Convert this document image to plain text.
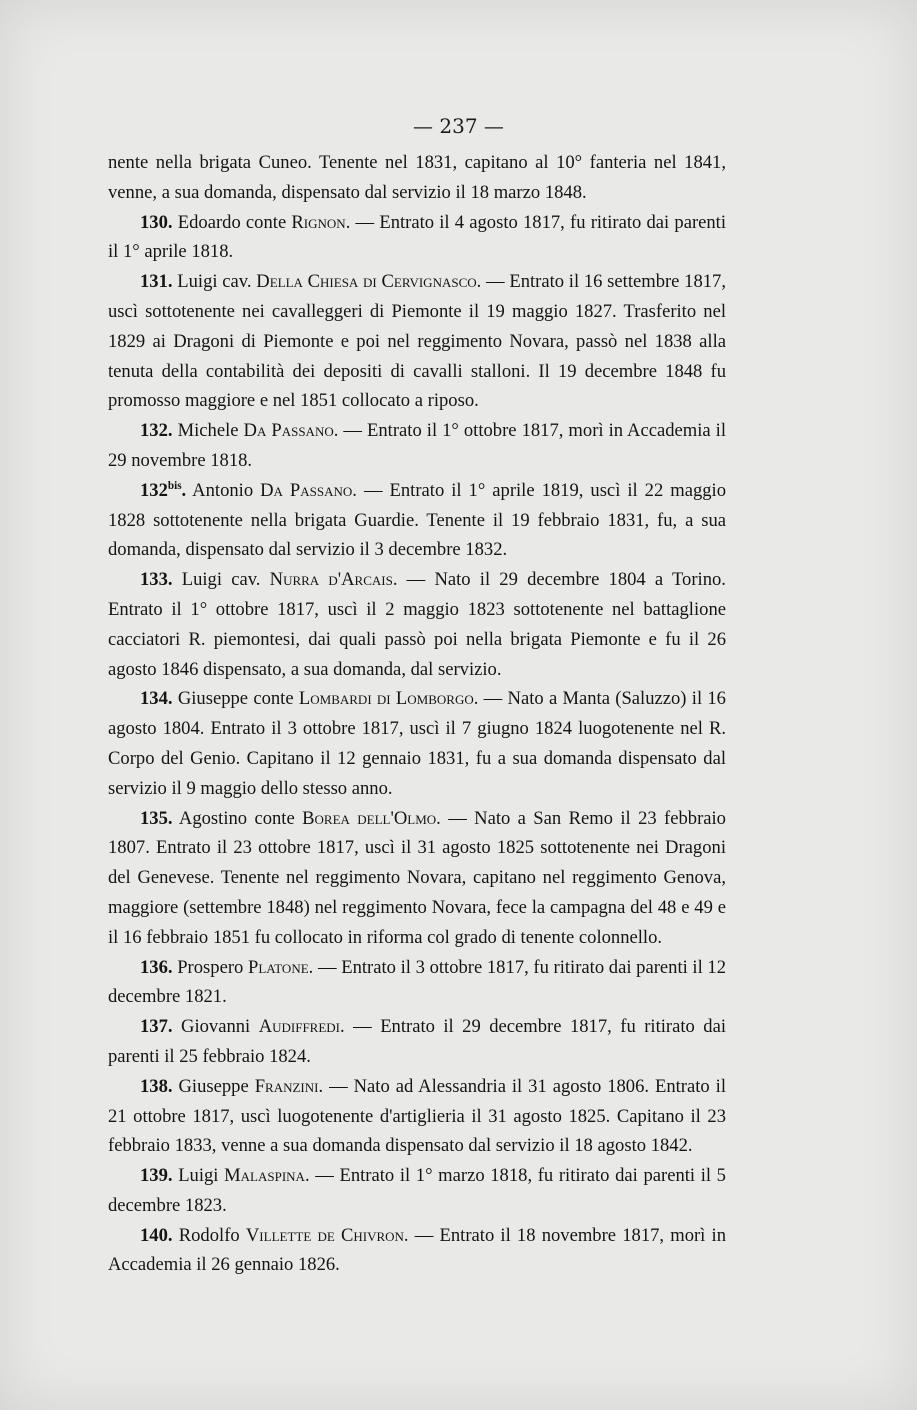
— 237 —

nente nella brigata Cuneo. Tenente nel 1831, capitano al 10° fanteria nel 1841, venne, a sua domanda, dispensato dal servizio il 18 marzo 1848.

130. Edoardo conte Rignon. — Entrato il 4 agosto 1817, fu ritirato dai parenti il 1° aprile 1818.

131. Luigi cav. Della Chiesa di Cervignasco. — Entrato il 16 settembre 1817, uscì sottotenente nei cavalleggeri di Piemonte il 19 maggio 1827. Trasferito nel 1829 ai Dragoni di Piemonte e poi nel reggimento Novara, passò nel 1838 alla tenuta della contabilità dei depositi di cavalli stalloni. Il 19 decembre 1848 fu promosso maggiore e nel 1851 collocato a riposo.

132. Michele Da Passano. — Entrato il 1° ottobre 1817, morì in Accademia il 29 novembre 1818.

$132^{bis}$. Antonio Da Passano. — Entrato il 1° aprile 1819, uscì il 22 maggio 1828 sottotenente nella brigata Guardie. Tenente il 19 febbraio 1831, fu, a sua domanda, dispensato dal servizio il 3 decembre 1832.

133. Luigi cav. Nurra d'Arcais. — Nato il 29 decembre 1804 a Torino. Entrato il 1° ottobre 1817, uscì il 2 maggio 1823 sottotenente nel battaglione cacciatori R. piemontesi, dai quali passò poi nella brigata Piemonte e fu il 26 agosto 1846 dispensato, a sua domanda, dal servizio.

134. Giuseppe conte Lombardi di Lomborgo. — Nato a Manta (Saluzzo) il 16 agosto 1804. Entrato il 3 ottobre 1817, uscì il 7 giugno 1824 luogotenente nel R. Corpo del Genio. Capitano il 12 gennaio 1831, fu a sua domanda dispensato dal servizio il 9 maggio dello stesso anno.

135. Agostino conte Borea dell'Olmo. — Nato a San Remo il 23 febbraio 1807. Entrato il 23 ottobre 1817, uscì il 31 agosto 1825 sottotenente nei Dragoni del Genevese. Tenente nel reggimento Novara, capitano nel reggimento Genova, maggiore (settembre 1848) nel reggimento Novara, fece la campagna del 48 e 49 e il 16 febbraio 1851 fu collocato in riforma col grado di tenente colonnello.

136. Prospero Platone. — Entrato il 3 ottobre 1817, fu ritirato dai parenti il 12 decembre 1821.

137. Giovanni Audiffredi. — Entrato il 29 decembre 1817, fu ritirato dai parenti il 25 febbraio 1824.

138. Giuseppe Franzini. — Nato ad Alessandria il 31 agosto 1806. Entrato il 21 ottobre 1817, uscì luogotenente d'artiglieria il 31 agosto 1825. Capitano il 23 febbraio 1833, venne a sua domanda dispensato dal servizio il 18 agosto 1842.

139. Luigi Malaspina. — Entrato il 1° marzo 1818, fu ritirato dai parenti il 5 decembre 1823.

140. Rodolfo Villette de Chivron. — Entrato il 18 novembre 1817, morì in Accademia il 26 gennaio 1826.
